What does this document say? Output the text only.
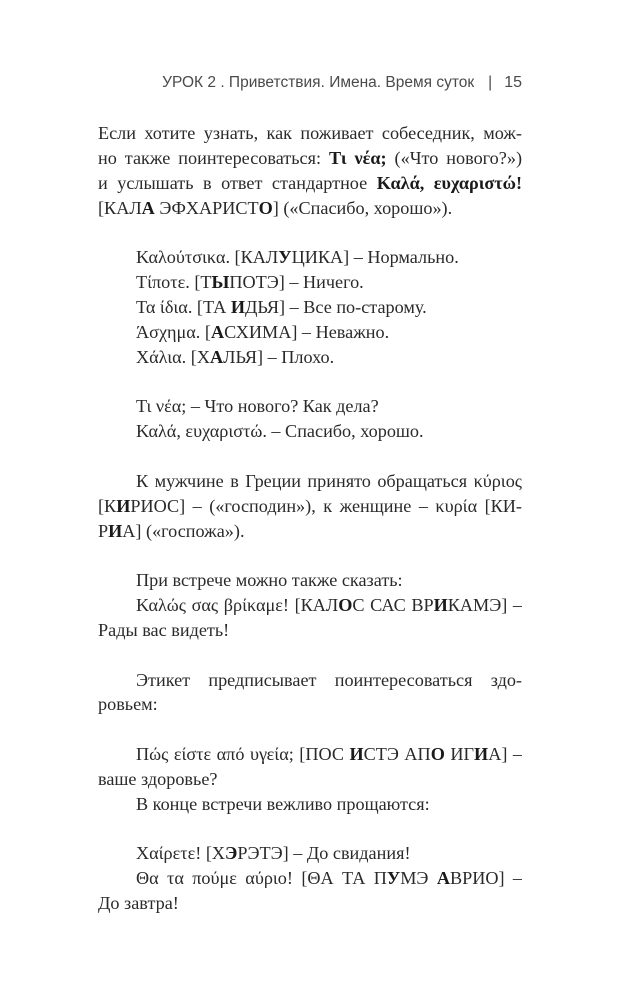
УРОК 2 . Приветствия. Имена. Время суток | 15
Если хотите узнать, как поживает собеседник, мож-
но также поинтересоваться: Τι νέα; («Что нового?»)
и услышать в ответ стандартное Καλά, ευχαριστώ!
[КАЛА ЭФХАРИСТО] («Спасибо, хорошо»).
Καλούτσικα. [КАЛУЦИКА] – Нормально.
Τίποτε. [ТЫПОТЭ] – Ничего.
Τα ίδια. [ТА ИДЬЯ] – Все по-старому.
Άσχημα. [АСХИМА] – Неважно.
Χάλια. [ХАЛЬЯ] – Плохо.
Τι νέα; – Что нового? Как дела?
Καλά, ευχαριστώ. – Спасибо, хорошо.
К мужчине в Греции принято обращаться κύριος
[КИРИОС] – («господин»), к женщине – κυρία [КИ-
РИА] («госпожа»).
При встрече можно также сказать:
Καλώς σας βρίκαμε! [КАЛОС САС ВРИКАМЭ] –
Рады вас видеть!
Этикет предписывает поинтересоваться здо-
ровьем:
Πώς είστε από υγεία; [ПОС ИСТЭ АПО ИГИА] –
ваше здоровье?
В конце встречи вежливо прощаются:
Χαίρετε! [ХЭРЭТЭ] – До свидания!
Θα τα πούμε αύριο! [ΘА ТА ПУМЭ АВРИО] –
До завтра!
